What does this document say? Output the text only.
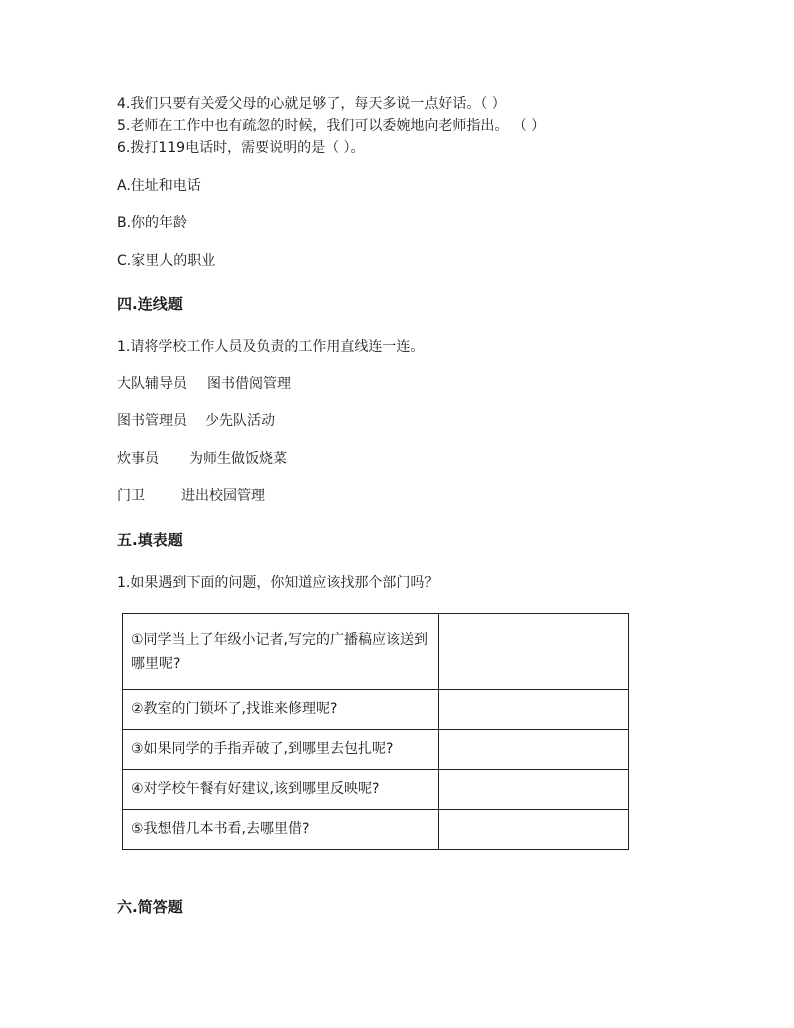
4.我们只要有关爱父母的心就足够了，每天多说一点好话。（ ）
5.老师在工作中也有疏忽的时候，我们可以委婉地向老师指出。 （ ）
6.拨打119电话时，需要说明的是（ ）。
A.住址和电话
B.你的年龄
C.家里人的职业
四.连线题
1.请将学校工作人员及负责的工作用直线连一连。
大队辅导员 图书借阅管理
图书管理员 少先队活动
炊事员 为师生做饭烧菜
门卫	进出校园管理
五.填表题
1.如果遇到下面的问题，你知道应该找那个部门吗？
①同学当上了年级小记者,写完的广播稿应该送到哪里呢?	
②教室的门锁坏了,找谁来修理呢?	
③如果同学的手指弄破了,到哪里去包扎呢?	
④对学校午餐有好建议,该到哪里反映呢?	
⑤我想借几本书看,去哪里借?	
六.简答题
